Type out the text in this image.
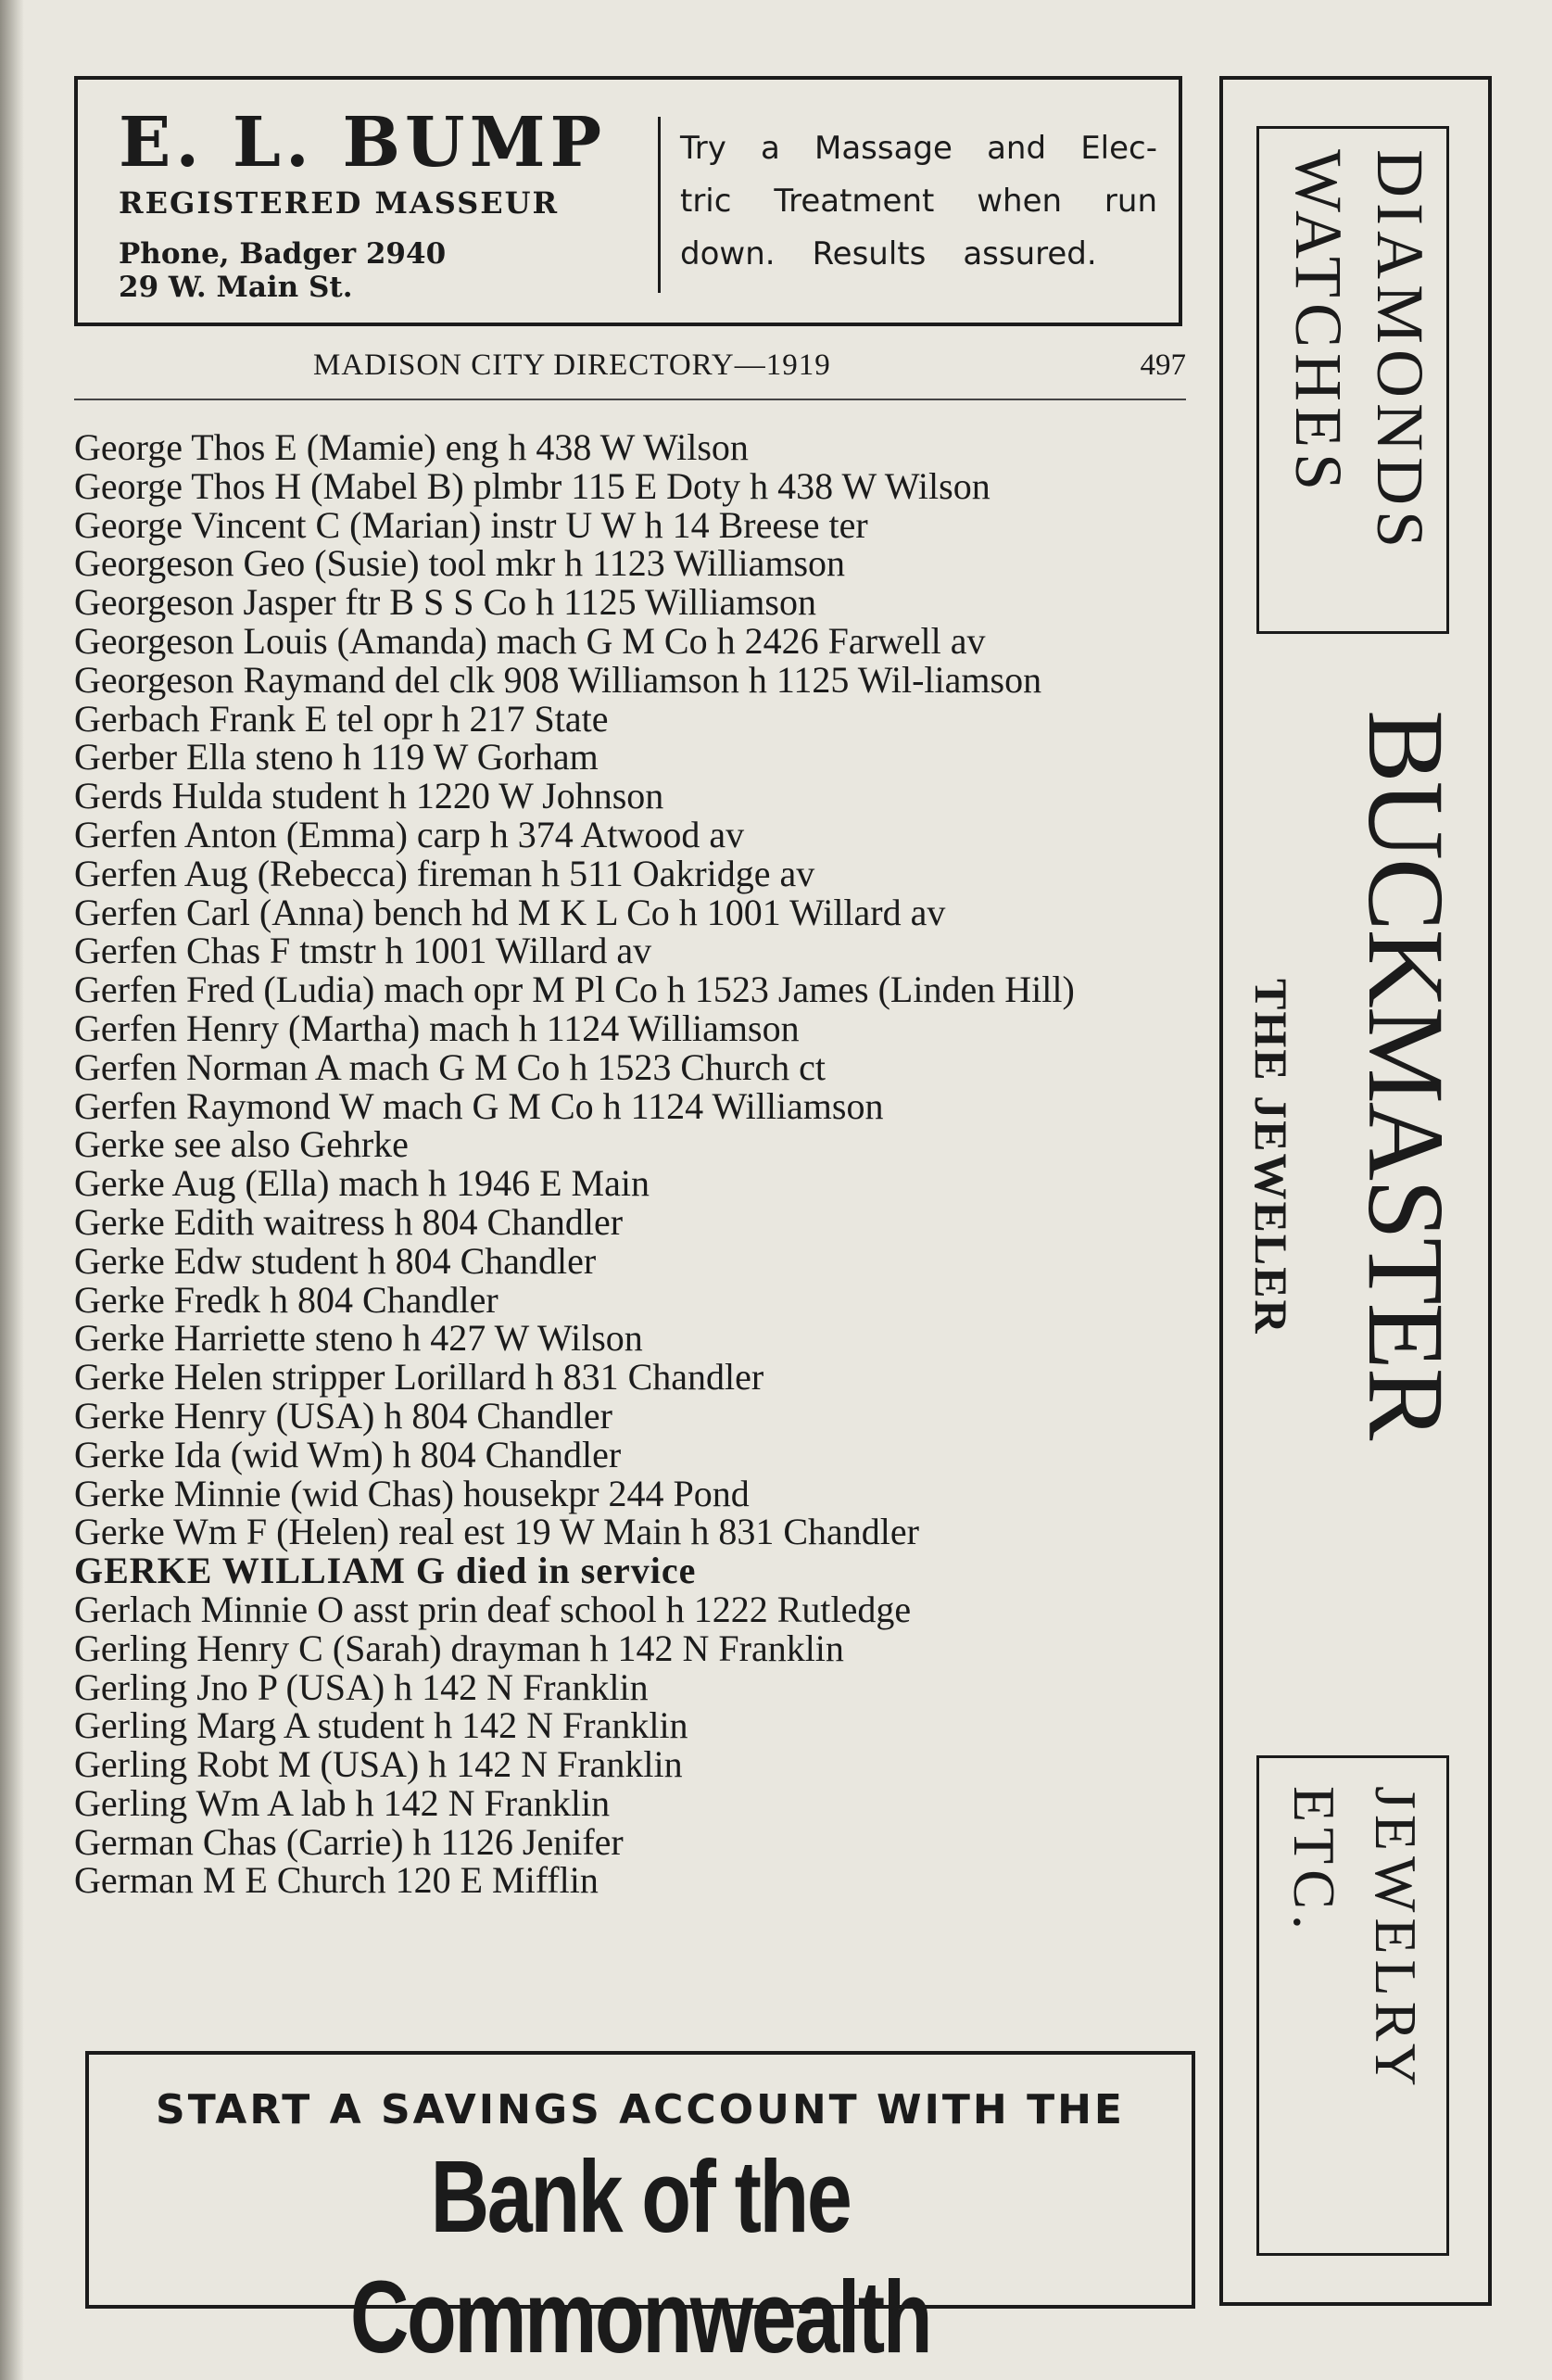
E. L. BUMP
REGISTERED MASSEUR
Phone, Badger 2940
29 W. Main St.
Try a Massage and Elec-
tric Treatment when run
down. Results assured.
MADISON CITY DIRECTORY—1919	497
George Thos E (Mamie) eng h 438 W Wilson
George Thos H (Mabel B) plmbr 115 E Doty h 438 W Wilson
George Vincent C (Marian) instr U W h 14 Breese ter
Georgeson Geo (Susie) tool mkr h 1123 Williamson
Georgeson Jasper ftr B S S Co h 1125 Williamson
Georgeson Louis (Amanda) mach G M Co h 2426 Farwell av
Georgeson Raymand del clk 908 Williamson h 1125 Wil-liamson
Gerbach Frank E tel opr h 217 State
Gerber Ella steno h 119 W Gorham
Gerds Hulda student h 1220 W Johnson
Gerfen Anton (Emma) carp h 374 Atwood av
Gerfen Aug (Rebecca) fireman h 511 Oakridge av
Gerfen Carl (Anna) bench hd M K L Co h 1001 Willard av
Gerfen Chas F tmstr h 1001 Willard av
Gerfen Fred (Ludia) mach opr M Pl Co h 1523 James (Linden Hill)
Gerfen Henry (Martha) mach h 1124 Williamson
Gerfen Norman A mach G M Co h 1523 Church ct
Gerfen Raymond W mach G M Co h 1124 Williamson
Gerke see also Gehrke
Gerke Aug (Ella) mach h 1946 E Main
Gerke Edith waitress h 804 Chandler
Gerke Edw student h 804 Chandler
Gerke Fredk h 804 Chandler
Gerke Harriette steno h 427 W Wilson
Gerke Helen stripper Lorillard h 831 Chandler
Gerke Henry (USA) h 804 Chandler
Gerke Ida (wid Wm) h 804 Chandler
Gerke Minnie (wid Chas) housekpr 244 Pond
Gerke Wm F (Helen) real est 19 W Main h 831 Chandler
GERKE WILLIAM G died in service
Gerlach Minnie O asst prin deaf school h 1222 Rutledge
Gerling Henry C (Sarah) drayman h 142 N Franklin
Gerling Jno P (USA) h 142 N Franklin
Gerling Marg A student h 142 N Franklin
Gerling Robt M (USA) h 142 N Franklin
Gerling Wm A lab h 142 N Franklin
German Chas (Carrie) h 1126 Jenifer
German M E Church 120 E Mifflin
START A SAVINGS ACCOUNT WITH THE
Bank of the Commonwealth
DIAMONDS
WATCHES
BUCKMASTER
THE JEWELER
JEWELRY
ETC.
